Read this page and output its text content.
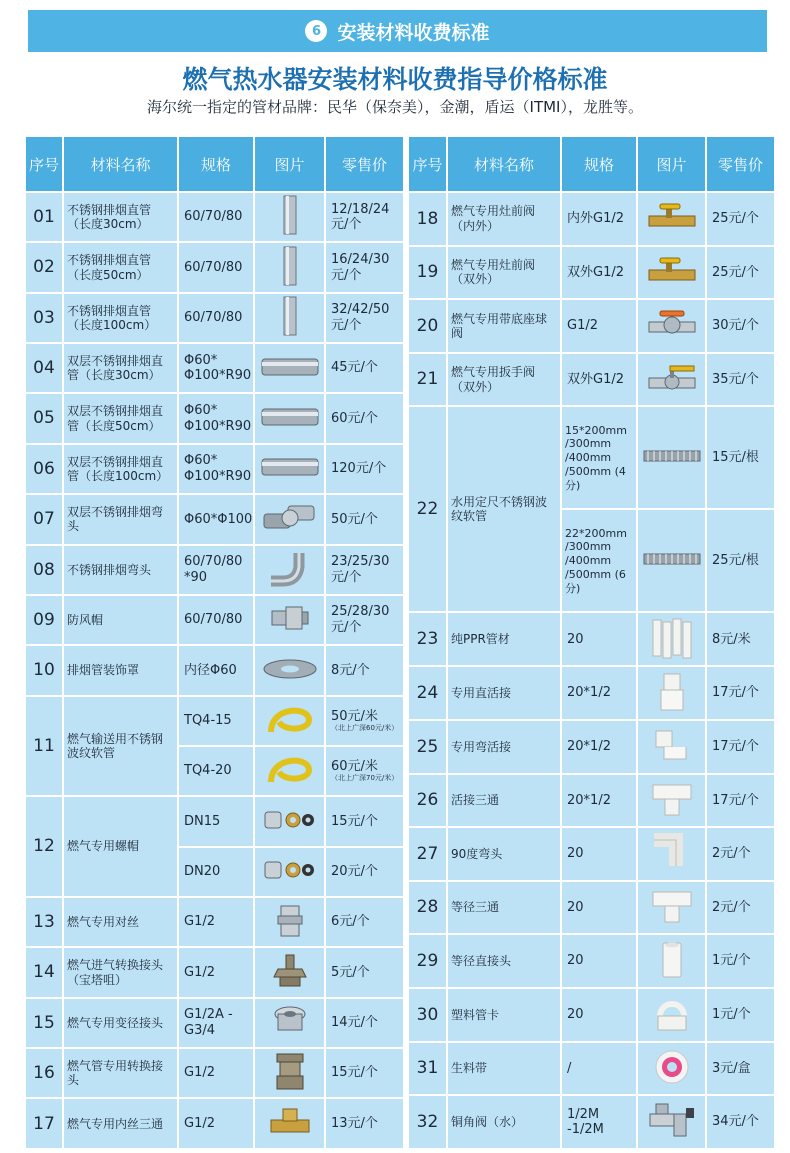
6 安装材料收费标准
燃气热水器安装材料收费指导价格标准
海尔统一指定的管材品牌：民华（保奈美），金潮，盾运（ITMI），龙胜等。
序号	材料名称	规格	图片	零售价
01	不锈钢排烟直管（长度30cm）	60/70/80		12/18/24元/个
02	不锈钢排烟直管（长度50cm）	60/70/80		16/24/30元/个
03	不锈钢排烟直管（长度100cm）	60/70/80		32/42/50元/个
04	双层不锈钢排烟直管（长度30cm）	Φ60* Φ100*R90		45元/个
05	双层不锈钢排烟直管（长度50cm）	Φ60* Φ100*R90		60元/个
06	双层不锈钢排烟直管（长度100cm）	Φ60* Φ100*R90		120元/个
07	双层不锈钢排烟弯头	Φ60*Φ100		50元/个
08	不锈钢排烟弯头	60/70/80 *90		23/25/30元/个
09	防风帽	60/70/80		25/28/30元/个
10	排烟管装饰罩	内径Φ60		8元/个
11	燃气输送用不锈钢波纹软管	TQ4-15		50元/米
（北上广深60元/米）

		TQ4-20		60元/米
（北上广深70元/米）

12	燃气专用螺帽	DN15		15元/个
		DN20		20元/个
13	燃气专用对丝	G1/2		6元/个
14	燃气进气转换接头（宝塔咀）	G1/2		5元/个
15	燃气专用变径接头	G1/2A -G3/4		14元/个
16	燃气管专用转换接头	G1/2		15元/个
17	燃气专用内丝三通	G1/2		13元/个
序号	材料名称	规格	图片	零售价
18	燃气专用灶前阀（内外）	内外G1/2		25元/个
19	燃气专用灶前阀（双外）	双外G1/2		25元/个
20	燃气专用带底座球阀	G1/2		30元/个
21	燃气专用扳手阀（双外）	双外G1/2		35元/个
22	水用定尺不锈钢波纹软管	15*200mm /300mm /400mm /500mm (4分)		15元/根
		22*200mm /300mm /400mm /500mm (6分)		25元/根
23	纯PPR管材	20		8元/米
24	专用直活接	20*1/2		17元/个
25	专用弯活接	20*1/2		17元/个
26	活接三通	20*1/2		17元/个
27	90度弯头	20		2元/个
28	等径三通	20		2元/个
29	等径直接头	20		1元/个
30	塑料管卡	20		1元/个
31	生料带	/		3元/盒
32	铜角阀（水）	1/2M -1/2M		34元/个
